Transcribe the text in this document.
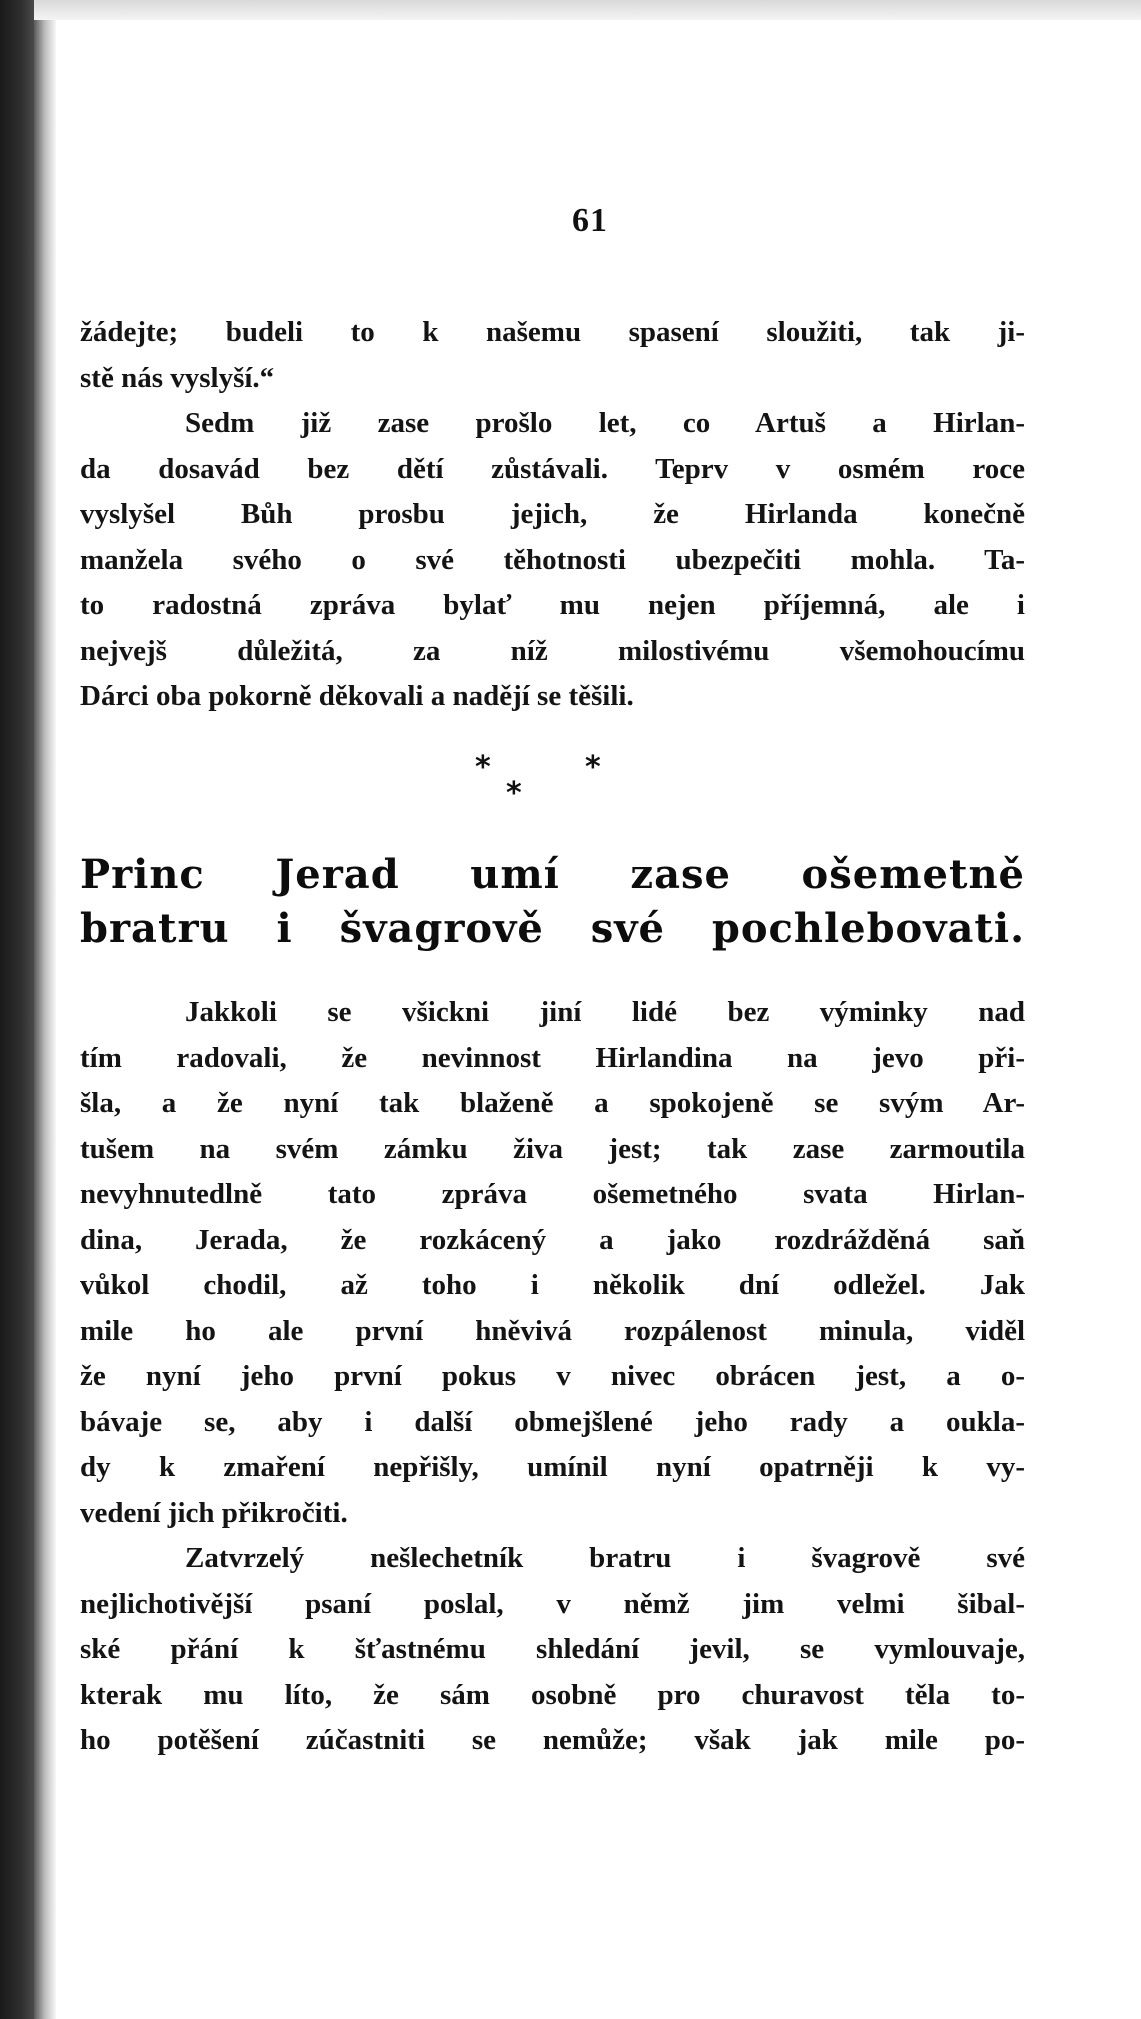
61
žádejte; budeli to k našemu spasení sloužiti, tak ji-
stě nás vyslyší.“
Sedm již zase prošlo let, co Artuš a Hirlan-
da dosavád bez dětí zůstávali. Teprv v osmém roce
vyslyšel Bůh prosbu jejich, že Hirlanda konečně
manžela svého o své těhotnosti ubezpečiti mohla. Ta-
to radostná zpráva bylať mu nejen příjemná, ale i
nejvejš důležitá, za níž milostivému všemohoucímu
Dárci oba pokorně děkovali a nadějí se těšili.
*
*
*
Princ Jerad umí zase ošemetně
bratru i švagrově své pochlebovati.
Jakkoli se všickni jiní lidé bez výminky nad
tím radovali, že nevinnost Hirlandina na jevo při-
šla, a že nyní tak blaženě a spokojeně se svým Ar-
tušem na svém zámku živa jest; tak zase zarmoutila
nevyhnutedlně tato zpráva ošemetného svata Hirlan-
dina, Jerada, že rozkácený a jako rozdrážděná saň
vůkol chodil, až toho i několik dní odležel. Jak
mile ho ale první hněvivá rozpálenost minula, viděl
že nyní jeho první pokus v nivec obrácen jest, a o-
bávaje se, aby i další obmejšlené jeho rady a oukla-
dy k zmaření nepřišly, umínil nyní opatrněji k vy-
vedení jich přikročiti.
Zatvrzelý nešlechetník bratru i švagrově své
nejlichotivější psaní poslal, v němž jim velmi šibal-
ské přání k šťastnému shledání jevil, se vymlouvaje,
kterak mu líto, že sám osobně pro churavost těla to-
ho potěšení zúčastniti se nemůže; však jak mile po-
